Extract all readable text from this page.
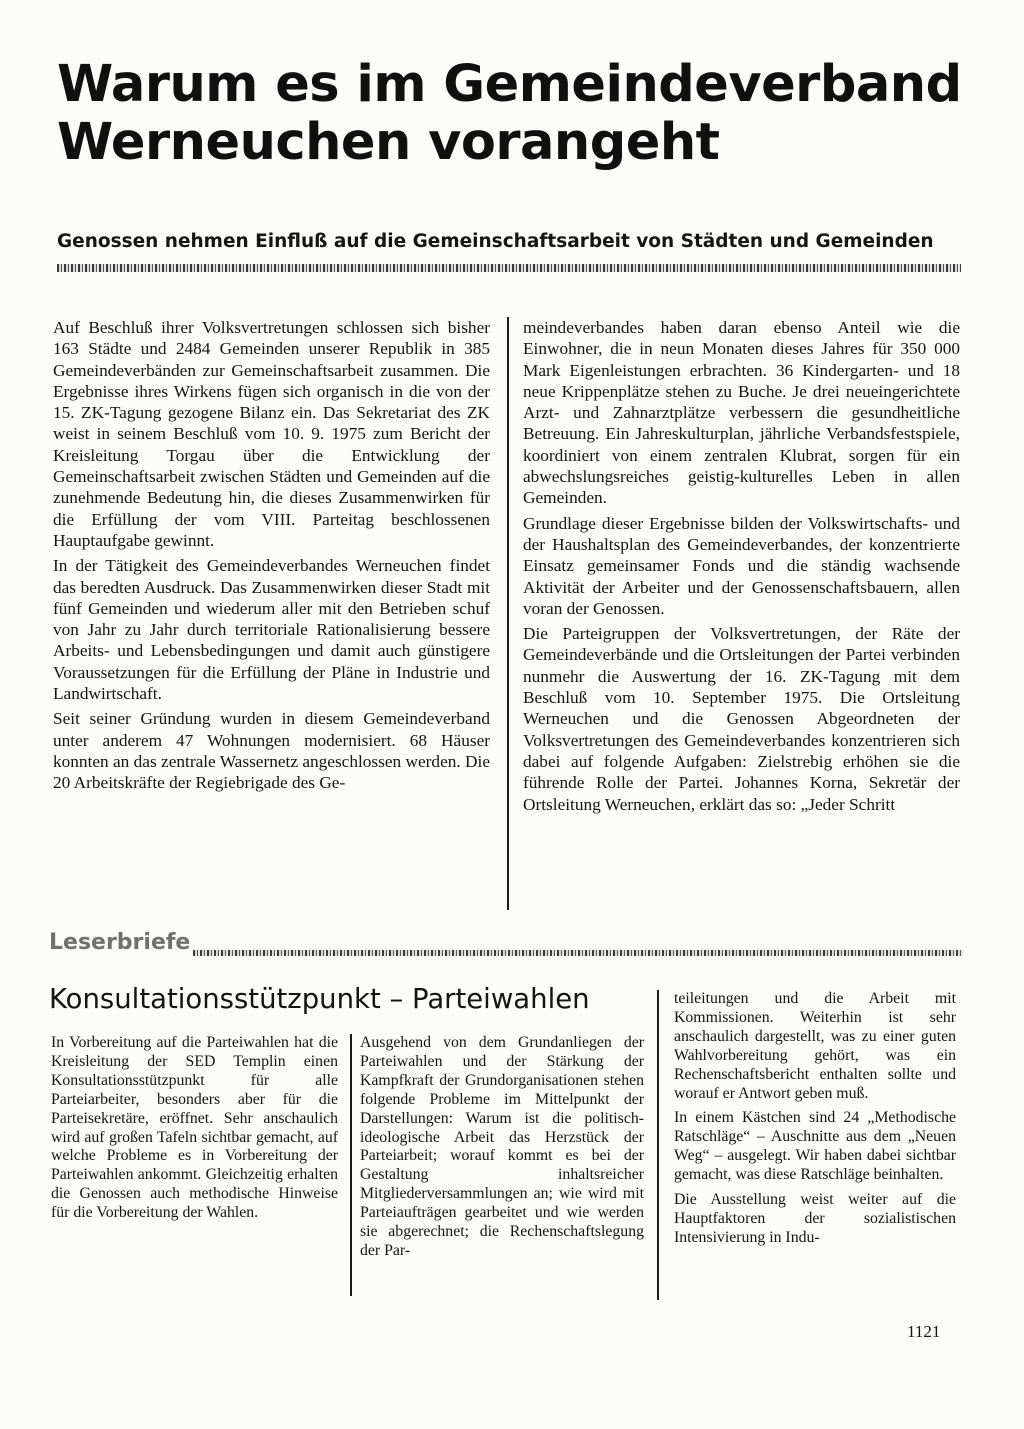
Warum es im Gemeindeverband Werneuchen vorangeht
Genossen nehmen Einfluß auf die Gemeinschaftsarbeit von Städten und Gemeinden

Auf Beschluß ihrer Volksvertretungen schlossen sich bisher 163 Städte und 2484 Gemeinden unserer Republik in 385 Gemeindeverbänden zur Gemeinschaftsarbeit zusammen. Die Ergebnisse ihres Wirkens fügen sich organisch in die von der 15. ZK-Tagung gezogene Bilanz ein. Das Sekretariat des ZK weist in seinem Beschluß vom 10. 9. 1975 zum Bericht der Kreisleitung Torgau über die Entwicklung der Gemeinschaftsarbeit zwischen Städten und Gemeinden auf die zunehmende Bedeutung hin, die dieses Zusammenwirken für die Erfüllung der vom VIII. Parteitag beschlossenen Hauptaufgabe gewinnt.

In der Tätigkeit des Gemeindeverbandes Werneuchen findet das beredten Ausdruck. Das Zusammenwirken dieser Stadt mit fünf Gemeinden und wiederum aller mit den Betrieben schuf von Jahr zu Jahr durch territoriale Rationalisierung bessere Arbeits- und Lebensbedingungen und damit auch günstigere Voraussetzungen für die Erfüllung der Pläne in Industrie und Landwirtschaft.

Seit seiner Gründung wurden in diesem Gemeindeverband unter anderem 47 Wohnungen modernisiert. 68 Häuser konnten an das zentrale Wassernetz angeschlossen werden. Die 20 Arbeitskräfte der Regiebrigade des Ge-

meindeverbandes haben daran ebenso Anteil wie die Einwohner, die in neun Monaten dieses Jahres für 350 000 Mark Eigenleistungen erbrachten. 36 Kindergarten- und 18 neue Krippenplätze stehen zu Buche. Je drei neueingerichtete Arzt- und Zahnarztplätze verbessern die gesundheitliche Betreuung. Ein Jahreskulturplan, jährliche Verbandsfestspiele, koordiniert von einem zentralen Klubrat, sorgen für ein abwechslungsreiches geistig-kulturelles Leben in allen Gemeinden.

Grundlage dieser Ergebnisse bilden der Volkswirtschafts- und der Haushaltsplan des Gemeindeverbandes, der konzentrierte Einsatz gemeinsamer Fonds und die ständig wachsende Aktivität der Arbeiter und der Genossenschaftsbauern, allen voran der Genossen.

Die Parteigruppen der Volksvertretungen, der Räte der Gemeindeverbände und die Ortsleitungen der Partei verbinden nunmehr die Auswertung der 16. ZK-Tagung mit dem Beschluß vom 10. September 1975. Die Ortsleitung Werneuchen und die Genossen Abgeordneten der Volksvertretungen des Gemeindeverbandes konzentrieren sich dabei auf folgende Aufgaben: Zielstrebig erhöhen sie die führende Rolle der Partei. Johannes Korna, Sekretär der Ortsleitung Werneuchen, erklärt das so: „Jeder Schritt

Leserbriefe
Konsultationsstützpunkt – Parteiwahlen

In Vorbereitung auf die Parteiwahlen hat die Kreisleitung der SED Templin einen Konsultationsstützpunkt für alle Parteiarbeiter, besonders aber für die Parteisekretäre, eröffnet. Sehr anschaulich wird auf großen Tafeln sichtbar gemacht, auf welche Probleme es in Vorbereitung der Parteiwahlen ankommt. Gleichzeitig erhalten die Genossen auch methodische Hinweise für die Vorbereitung der Wahlen.

Ausgehend von dem Grundanliegen der Parteiwahlen und der Stärkung der Kampfkraft der Grundorganisationen stehen folgende Probleme im Mittelpunkt der Darstellungen: Warum ist die politisch-ideologische Arbeit das Herzstück der Parteiarbeit; worauf kommt es bei der Gestaltung inhaltsreicher Mitgliederversammlungen an; wie wird mit Parteiaufträgen gearbeitet und wie werden sie abgerechnet; die Rechenschaftslegung der Par-

teileitungen und die Arbeit mit Kommissionen. Weiterhin ist sehr anschaulich dargestellt, was zu einer guten Wahlvorbereitung gehört, was ein Rechenschaftsbericht enthalten sollte und worauf er Antwort geben muß.

In einem Kästchen sind 24 „Methodische Ratschläge“ – Auschnitte aus dem „Neuen Weg“ – ausgelegt. Wir haben dabei sichtbar gemacht, was diese Ratschläge beinhalten.

Die Ausstellung weist weiter auf die Hauptfaktoren der sozialistischen Intensivierung in Indu-

1121
